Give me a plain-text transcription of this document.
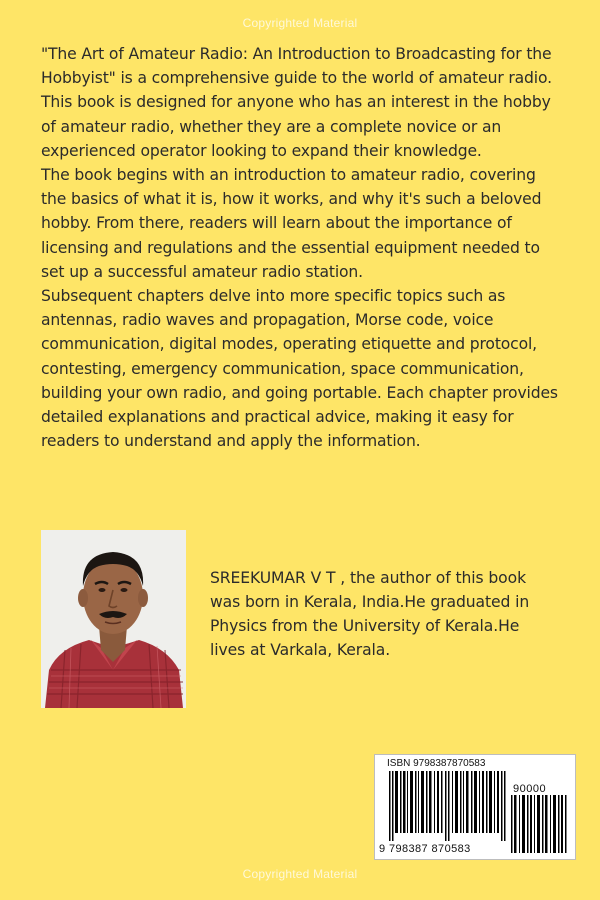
Copyrighted Material

"The Art of Amateur Radio: An Introduction to Broadcasting for the Hobbyist" is a comprehensive guide to the world of amateur radio. This book is designed for anyone who has an interest in the hobby of amateur radio, whether they are a complete novice or an experienced operator looking to expand their knowledge.

The book begins with an introduction to amateur radio, covering the basics of what it is, how it works, and why it's such a beloved hobby. From there, readers will learn about the importance of licensing and regulations and the essential equipment needed to set up a successful amateur radio station.

Subsequent chapters delve into more specific topics such as antennas, radio waves and propagation, Morse code, voice communication, digital modes, operating etiquette and protocol, contesting, emergency communication, space communication, building your own radio, and going portable. Each chapter provides detailed explanations and practical advice, making it easy for readers to understand and apply the information.

SREEKUMAR V T , the author of this book was born in Kerala, India.He graduated in Physics from the University of Kerala.He lives at Varkala, Kerala.
ISBN 9798387870583
90000
9 798387 870583
Copyrighted Material
